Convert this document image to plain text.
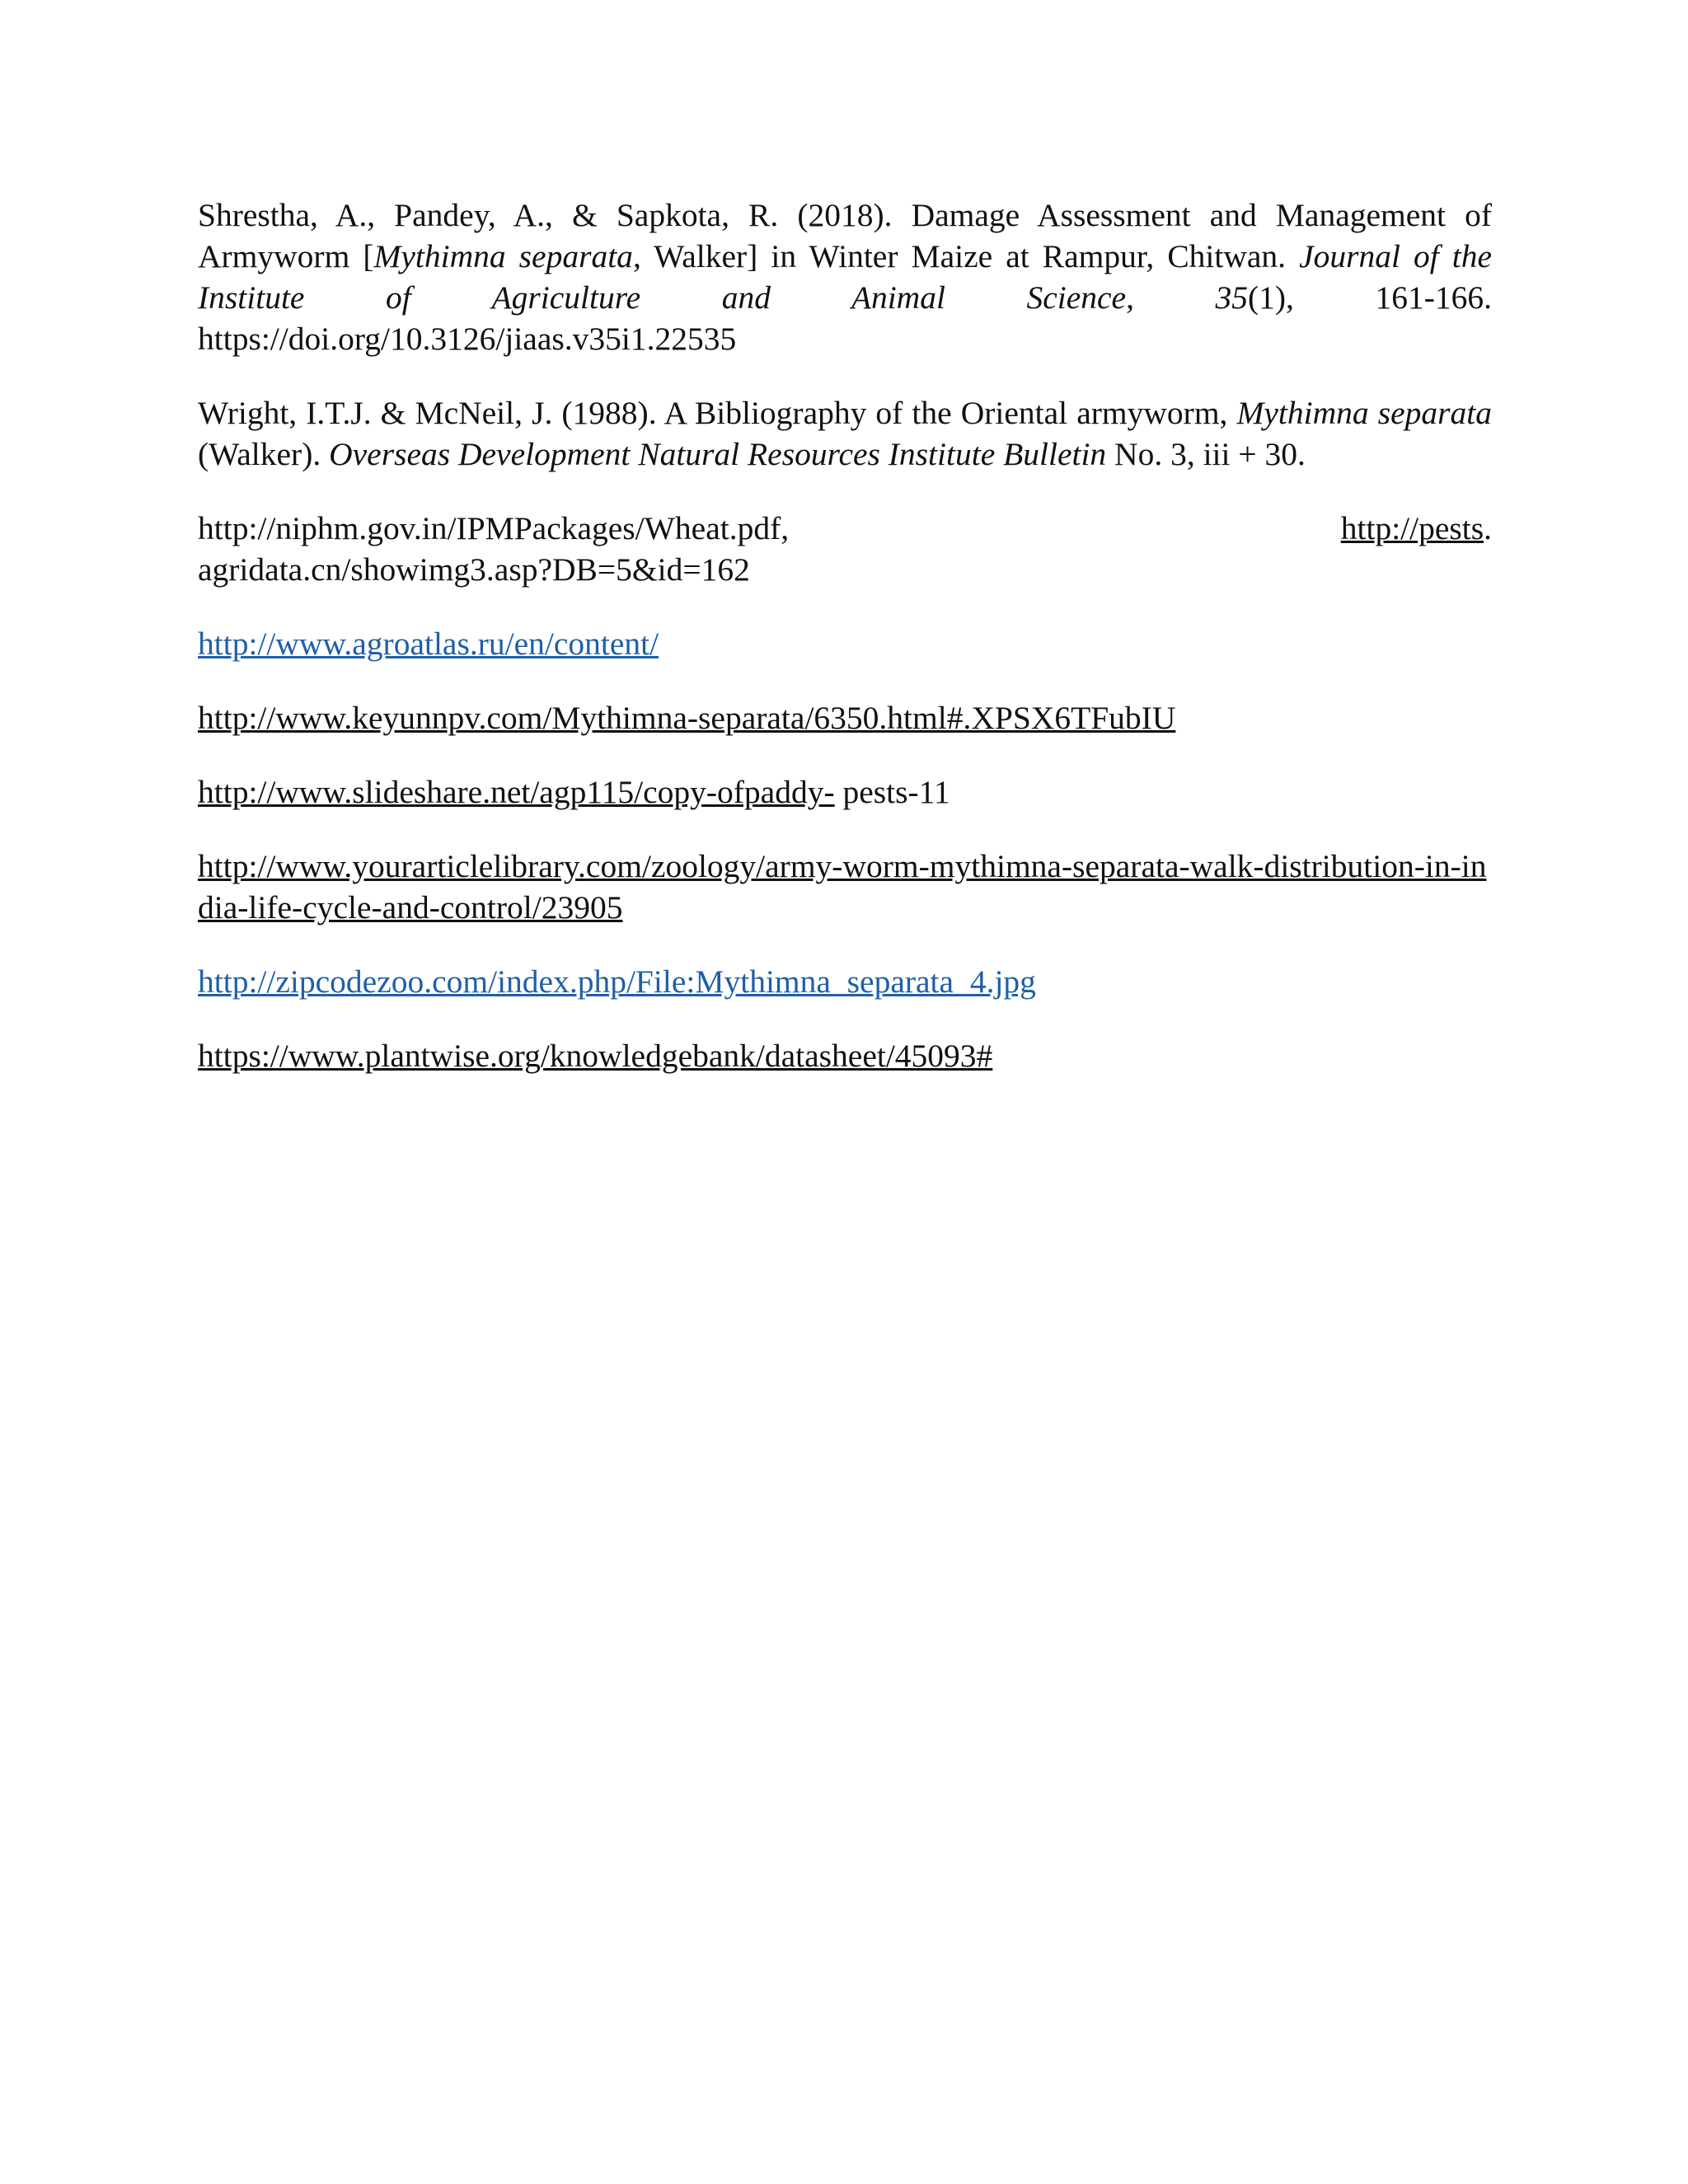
Shrestha, A., Pandey, A., & Sapkota, R. (2018). Damage Assessment and Management of Armyworm [Mythimna separata, Walker] in Winter Maize at Rampur, Chitwan. Journal of the Institute of Agriculture and Animal Science, 35(1), 161-166. https://doi.org/10.3126/jiaas.v35i1.22535

Wright, I.T.J. & McNeil, J. (1988). A Bibliography of the Oriental armyworm, Mythimna separata (Walker). Overseas Development Natural Resources Institute Bulletin No. 3, iii + 30.

http://niphm.gov.in/IPMPackages/Wheat.pdf,	http://pests.
agridata.cn/showimg3.asp?DB=5&id=162

http://www.agroatlas.ru/en/content/

http://www.keyunnpv.com/Mythimna-separata/6350.html#.XPSX6TFubIU

http://www.slideshare.net/agp115/copy-ofpaddy- pests-11

http://www.yourarticlelibrary.com/zoology/army-worm-mythimna-separata-walk-distribution-in-india-life-cycle-and-control/23905

http://zipcodezoo.com/index.php/File:Mythimna_separata_4.jpg

https://www.plantwise.org/knowledgebank/datasheet/45093#
